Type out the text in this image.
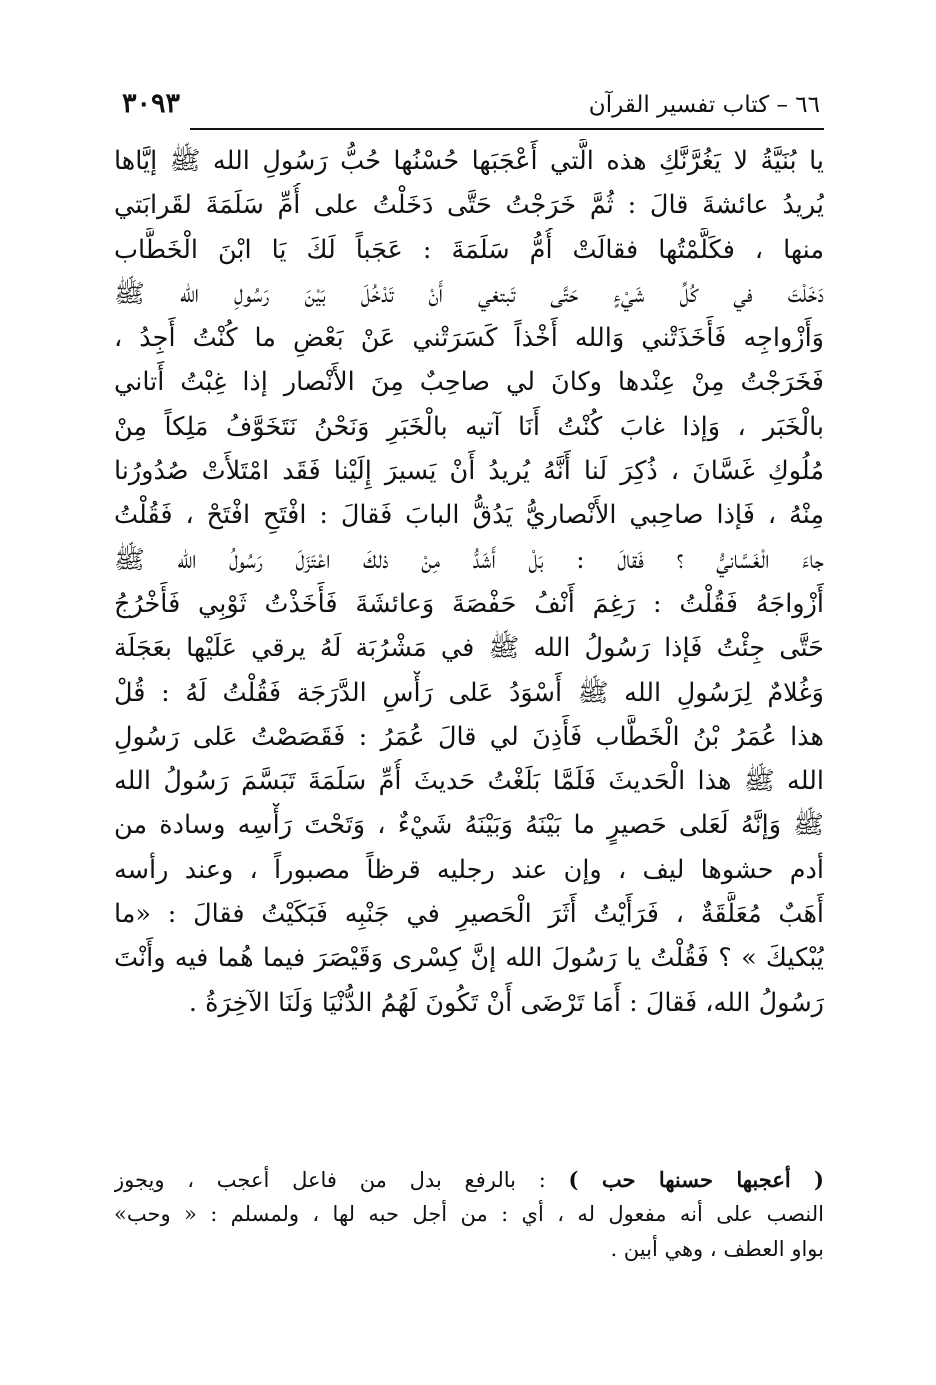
٦٦ – كتاب تفسير القرآن
٣٠٩٣
يا بُنَيَّةُ لا يَغُرَّنَّكِ هذه الَّتي أَعْجَبَها حُسْنُها حُبُّ رَسُولِ الله ﷺ إيَّاها
يُريدُ عائشةَ قالَ : ثُمَّ خَرَجْتُ حَتَّى دَخَلْتُ على أُمِّ سَلَمَةَ لقَرابَتي
منها ، فكَلَّمْتُها فقالَتْ أُمُّ سَلَمَةَ : عَجَباً لَكَ يَا ابْنَ الْخَطَّاب
دَخَلْتَ في كُلِّ شَيْءٍ حَتَّى تَبتغي أَنْ تَدْخُلَ بَيْنَ رَسُولِ الله ﷺ
وَأَزْواجِه فَأَخَذَتْني وَالله أَخْذاً كَسَرَتْني عَنْ بَعْضِ ما كُنْتُ أَجِدُ ،
فَخَرَجْتُ مِنْ عِنْدها وكانَ لي صاحِبٌ مِنَ الأَنْصار إذا غِبْتُ أَتاني
بالْخَبَر ، وَإذا غابَ كُنْتُ أَنَا آتيه بالْخَبَرِ وَنَحْنُ نَتَخَوَّفُ مَلِكاً مِنْ
مُلُوكِ غَسَّانَ ، ذُكِرَ لَنا أَنَّهُ يُريدُ أَنْ يَسيرَ إِلَيْنا فَقَد امْتَلأَتْ صُدُورُنا
مِنْهُ ، فَإذا صاحِبي الأَنْصاريُّ يَدُقُّ البابَ فَقالَ : افْتَحِ افْتَحْ ، فَقُلْتُ
جاءَ الْغَسَّانيُّ ؟ فَقالَ : بَلْ أَشَدُّ مِنْ ذلكَ اعْتَزَلَ رَسُولُ الله ﷺ
أَزْواجَهُ فَقُلْتُ : رَغِمَ أَنْفُ حَفْصَةَ وَعائشَةَ فَأَخَذْتُ ثَوْبِي فَأَخْرُجُ
حَتَّى جِئْتُ فَإذا رَسُولُ الله ﷺ في مَشْرُبَة لَهُ يرقي عَلَيْها بعَجَلَة
وَغُلامٌ لِرَسُولِ الله ﷺ أَسْوَدُ عَلى رَأْسِ الدَّرَجَة فَقُلْتُ لَهُ : قُلْ
هذا عُمَرُ بْنُ الْخَطَّاب فَأَذِنَ لي قالَ عُمَرُ : فَقَصَصْتُ عَلى رَسُولِ
الله ﷺ هذا الْحَديثَ فَلَمَّا بَلَغْتُ حَديثَ أُمِّ سَلَمَةَ تَبَسَّمَ رَسُولُ الله
ﷺ وَإنَّهُ لَعَلى حَصيرٍ ما بَيْنَهُ وَبَيْنَهُ شَيْءٌ ، وَتَحْتَ رَأْسِه وسادة من
أدم حشوها ليف ، وإن عند رجليه قرظاً مصبوراً ، وعند رأسه
أَهَبٌ مُعَلَّقَةٌ ، فَرَأَيْتُ أَثَرَ الْحَصيرِ في جَنْبِه فَبَكَيْتُ فقالَ : «ما
يُبْكيكَ » ؟ فَقُلْتُ يا رَسُولَ الله إنَّ كِسْرى وَقَيْصَرَ فيما هُما فيه وأَنْتَ
رَسُولُ الله، فَقالَ : أَمَا تَرْضَى أَنْ تَكُونَ لَهُمُ الدُّنْيَا وَلَنَا الآخِرَةُ .
( أعجبها حسنها حب ) : بالرفع بدل من فاعل أعجب ، ويجوز
النصب على أنه مفعول له ، أي : من أجل حبه لها ، ولمسلم : « وحب»
بواو العطف ، وهي أبين .
